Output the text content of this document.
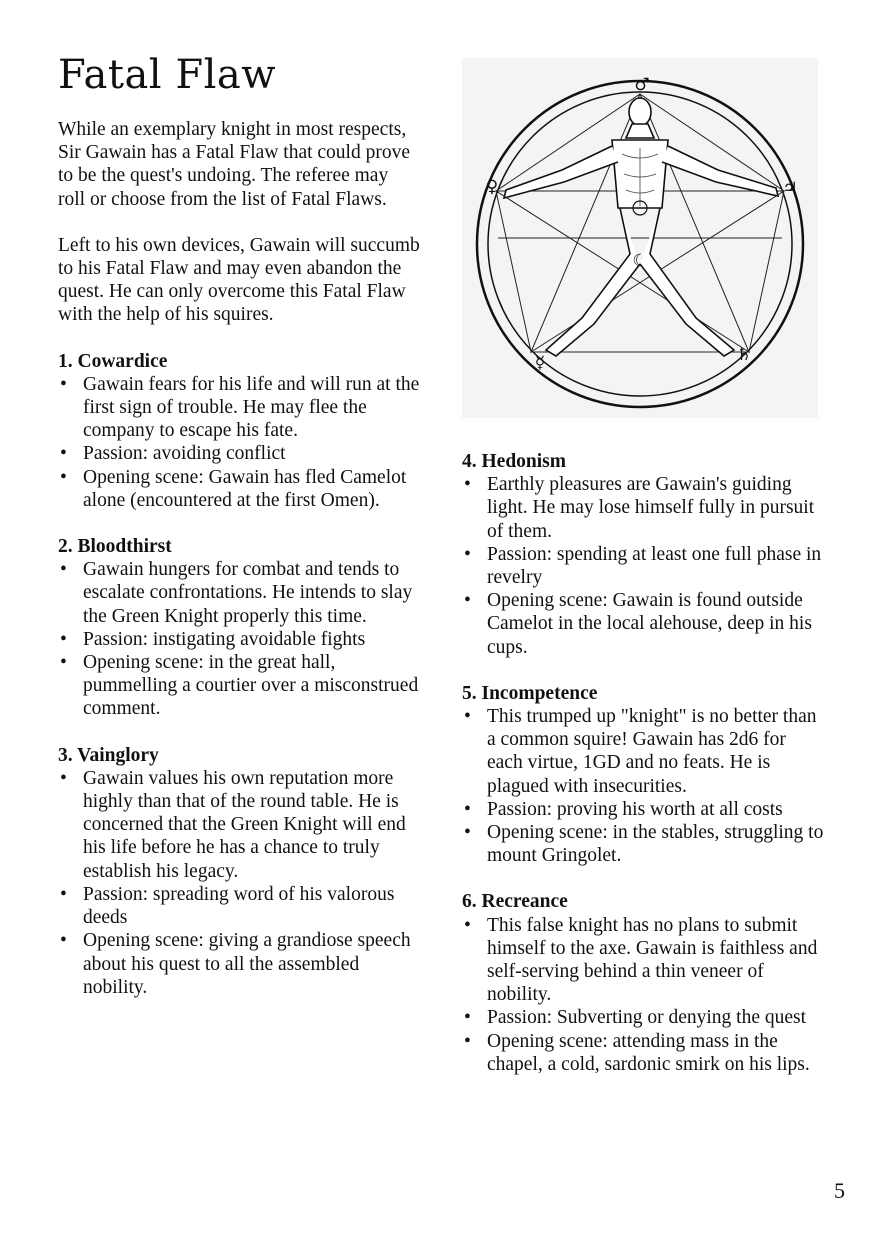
Fatal Flaw

While an exemplary knight in most respects, Sir Gawain has a Fatal Flaw that could prove to be the quest's undoing. The referee may roll or choose from the list of Fatal Flaws.

Left to his own devices, Gawain will succumb to his Fatal Flaw and may even abandon the quest. He can only overcome this Fatal Flaw with the help of his squires.

1. Cowardice
• Gawain fears for his life and will run at the first sign of trouble. He may flee the company to escape his fate.
• Passion: avoiding conflict
• Opening scene: Gawain has fled Camelot alone (encountered at the first Omen).
2. Bloodthirst
• Gawain hungers for combat and tends to escalate confrontations. He intends to slay the Green Knight properly this time.
• Passion: instigating avoidable fights
• Opening scene: in the great hall, pummelling a courtier over a misconstrued comment.
3. Vainglory
• Gawain values his own reputation more highly than that of the round table. He is concerned that the Green Knight will end his life before he has a chance to truly establish his legacy.
• Passion: spreading word of his valorous deeds
• Opening scene: giving a grandiose speech about his quest to all the assembled nobility.
♂
♀	♃
☿	♄
☾
4. Hedonism
• Earthly pleasures are Gawain's guiding light. He may lose himself fully in pursuit of them.
• Passion: spending at least one full phase in revelry
• Opening scene: Gawain is found outside Camelot in the local alehouse, deep in his cups.
5. Incompetence
• This trumped up "knight" is no better than a common squire! Gawain has 2d6 for each virtue, 1GD and no feats. He is plagued with insecurities.
• Passion: proving his worth at all costs
• Opening scene: in the stables, struggling to mount Gringolet.
6. Recreance
• This false knight has no plans to submit himself to the axe. Gawain is faithless and self-serving behind a thin veneer of nobility.
• Passion: Subverting or denying the quest
• Opening scene: attending mass in the chapel, a cold, sardonic smirk on his lips.
5
